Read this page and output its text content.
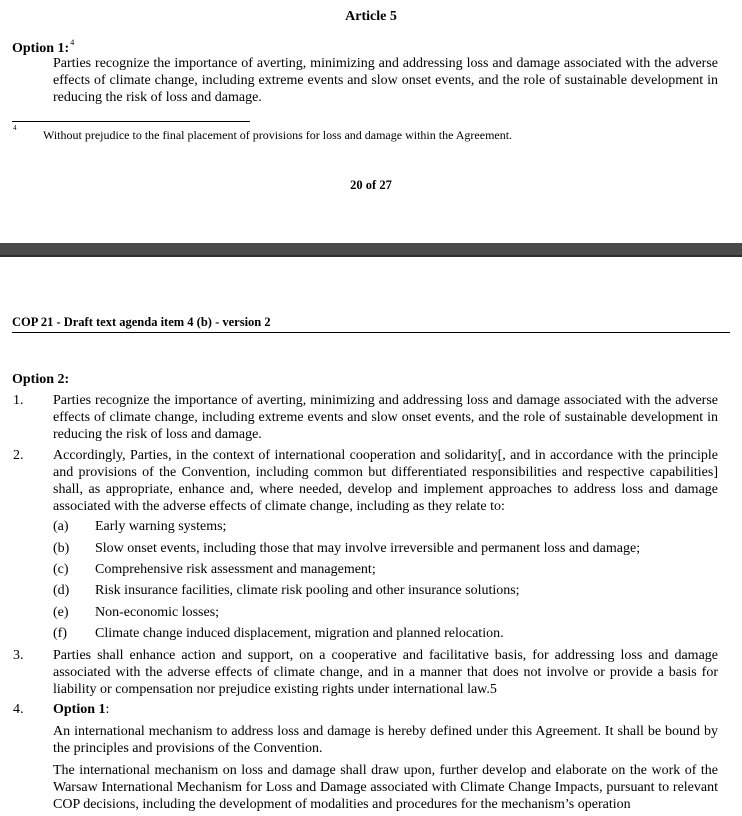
Article 5
Option 1:$^4$
Parties recognize the importance of averting, minimizing and addressing loss and damage associated with the adverse effects of climate change, including extreme events and slow onset events, and the role of sustainable development in reducing the risk of loss and damage.
4 Without prejudice to the final placement of provisions for loss and damage within the Agreement.
20 of 27
COP 21 - Draft text agenda item 4 (b) - version 2
Option 2:
1. Parties recognize the importance of averting, minimizing and addressing loss and damage associated with the adverse effects of climate change, including extreme events and slow onset events, and the role of sustainable development in reducing the risk of loss and damage.
2. Accordingly, Parties, in the context of international cooperation and solidarity[, and in accordance with the principle and provisions of the Convention, including common but differentiated responsibilities and respective capabilities] shall, as appropriate, enhance and, where needed, develop and implement approaches to address loss and damage associated with the adverse effects of climate change, including as they relate to:
(a) Early warning systems;
(b) Slow onset events, including those that may involve irreversible and permanent loss and damage;
(c) Comprehensive risk assessment and management;
(d) Risk insurance facilities, climate risk pooling and other insurance solutions;
(e) Non-economic losses;
(f) Climate change induced displacement, migration and planned relocation.
3. Parties shall enhance action and support, on a cooperative and facilitative basis, for addressing loss and damage associated with the adverse effects of climate change, and in a manner that does not involve or provide a basis for liability or compensation nor prejudice existing rights under international law.5
4. Option 1:
An international mechanism to address loss and damage is hereby defined under this Agreement. It shall be bound by the principles and provisions of the Convention.
The international mechanism on loss and damage shall draw upon, further develop and elaborate on the work of the Warsaw International Mechanism for Loss and Damage associated with Climate Change Impacts, pursuant to relevant COP decisions, including the development of modalities and procedures for the mechanism’s operation
